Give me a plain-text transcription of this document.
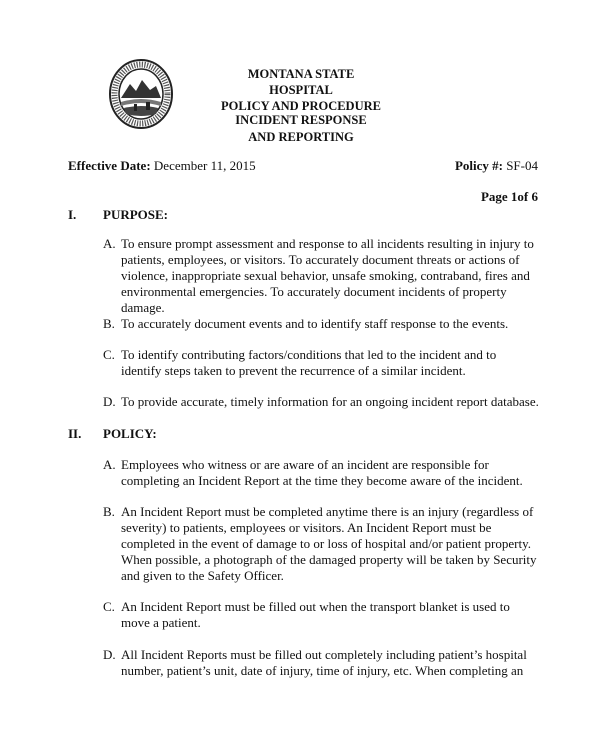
MONTANA STATE HOSPITAL
POLICY AND PROCEDURE
INCIDENT RESPONSE
AND REPORTING
Effective Date: December 11, 2015	Policy #: SF-04
Page 1of 6
I. PURPOSE:
A. To ensure prompt assessment and response to all incidents resulting in injury to patients, employees, or visitors. To accurately document threats or actions of violence, inappropriate sexual behavior, unsafe smoking, contraband, fires and environmental emergencies. To accurately document incidents of property damage.
B. To accurately document events and to identify staff response to the events.
C. To identify contributing factors/conditions that led to the incident and to identify steps taken to prevent the recurrence of a similar incident.
D. To provide accurate, timely information for an ongoing incident report database.
II. POLICY:
A. Employees who witness or are aware of an incident are responsible for completing an Incident Report at the time they become aware of the incident.
B. An Incident Report must be completed anytime there is an injury (regardless of severity) to patients, employees or visitors. An Incident Report must be completed in the event of damage to or loss of hospital and/or patient property. When possible, a photograph of the damaged property will be taken by Security and given to the Safety Officer.
C. An Incident Report must be filled out when the transport blanket is used to move a patient.
D. All Incident Reports must be filled out completely including patient’s hospital number, patient’s unit, date of injury, time of injury, etc. When completing an
